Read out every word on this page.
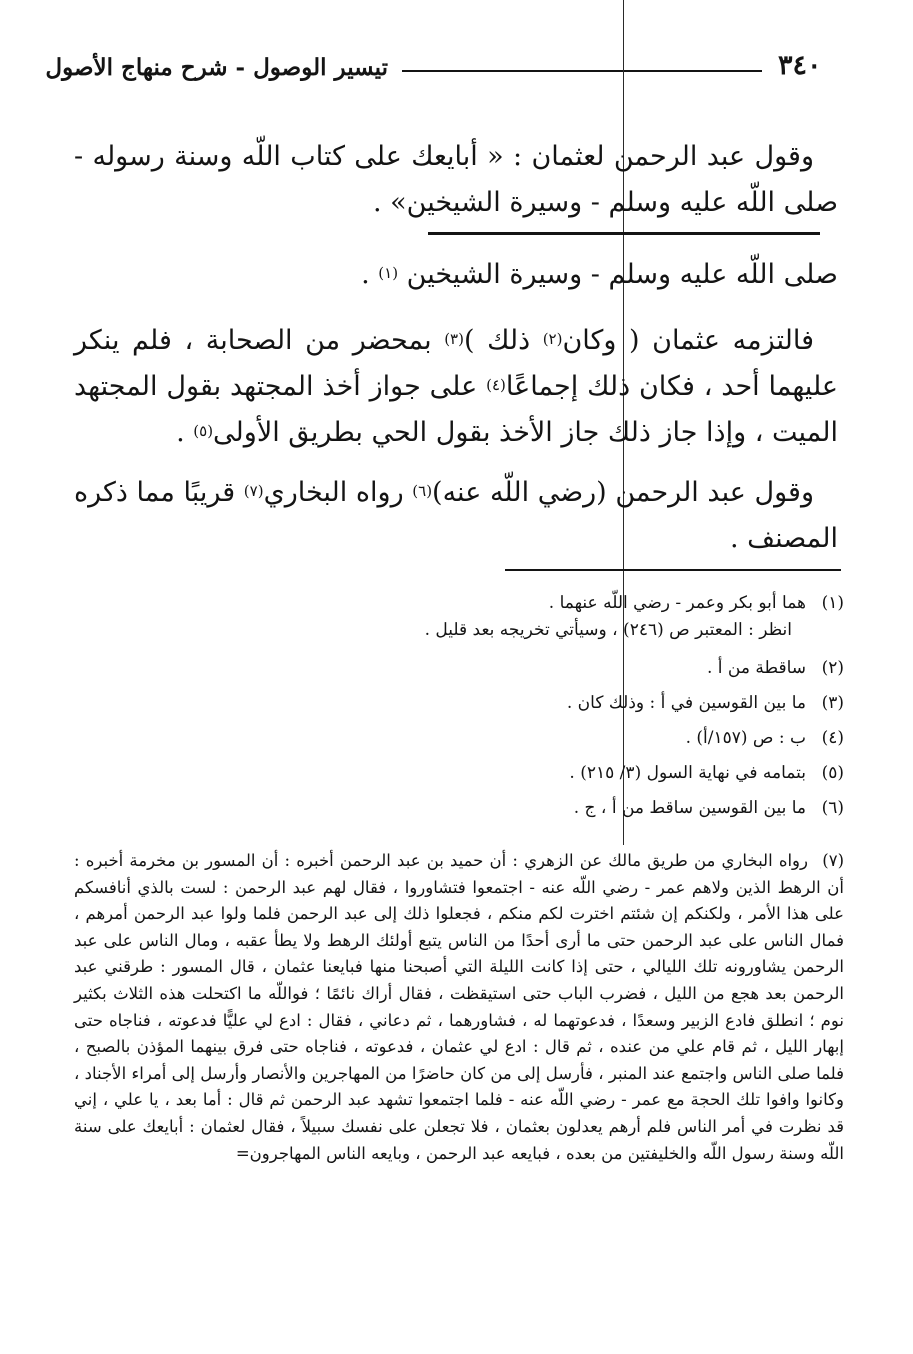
٣٤٠
تيسير الوصول - شرح منهاج الأصول

وقول عبد الرحمن لعثمان : « أبايعك على كتاب اللّه وسنة رسوله - صلى اللّه عليه وسلم - وسيرة الشيخين» .

صلى اللّه عليه وسلم - وسيرة الشيخين $^{(١)}$ .

فالتزمه عثمان ( وكان$^{(٢)}$ ذلك )$^{(٣)}$ بمحضر من الصحابة ، فلم ينكر عليهما أحد ، فكان ذلك إجماعًا$^{(٤)}$ على جواز أخذ المجتهد بقول المجتهد الميت ، وإذا جاز ذلك جاز الأخذ بقول الحي بطريق الأولى$^{(٥)}$ .

وقول عبد الرحمن (رضي اللّه عنه)$^{(٦)}$ رواه البخاري$^{(٧)}$ قريبًا مما ذكره المصنف .

(١)هما أبو بكر وعمر - رضي اللّه عنهما .

انظر : المعتبر ص (٢٤٦) ، وسيأتي تخريجه بعد قليل .

(٢)ساقطة من أ .

(٣)ما بين القوسين في أ : وذلك كان .

(٤)ب : ص (١٥٧/أ) .

(٥)بتمامه في نهاية السول (٣/ ٢١٥) .

(٦)ما بين القوسين ساقط من أ ، ج .

(٧)رواه البخاري من طريق مالك عن الزهري : أن حميد بن عبد الرحمن أخبره : أن المسور بن مخرمة أخبره : أن الرهط الذين ولاهم عمر - رضي اللّه عنه - اجتمعوا فتشاوروا ، فقال لهم عبد الرحمن : لست بالذي أنافسكم على هذا الأمر ، ولكنكم إن شئتم اخترت لكم منكم ، فجعلوا ذلك إلى عبد الرحمن فلما ولوا عبد الرحمن أمرهم ، فمال الناس على عبد الرحمن حتى ما أرى أحدًا من الناس يتبع أولئك الرهط ولا يطأ عقبه ، ومال الناس على عبد الرحمن يشاورونه تلك الليالي ، حتى إذا كانت الليلة التي أصبحنا منها فبايعنا عثمان ، قال المسور : طرقني عبد الرحمن بعد هجع من الليل ، فضرب الباب حتى استيقظت ، فقال أراك نائمًا ؛ فواللّه ما اكتحلت هذه الثلاث بكثير نوم ؛ انطلق فادع الزبير وسعدًا ، فدعوتهما له ، فشاورهما ، ثم دعاني ، فقال : ادع لي عليًّا فدعوته ، فناجاه حتى إبهار الليل ، ثم قام علي من عنده ، ثم قال : ادع لي عثمان ، فدعوته ، فناجاه حتى فرق بينهما المؤذن بالصبح ، فلما صلى الناس واجتمع عند المنبر ، فأرسل إلى من كان حاضرًا من المهاجرين والأنصار وأرسل إلى أمراء الأجناد ، وكانوا وافوا تلك الحجة مع عمر - رضي اللّه عنه - فلما اجتمعوا تشهد عبد الرحمن ثم قال : أما بعد ، يا علي ، إني قد نظرت في أمر الناس فلم أرهم يعدلون بعثمان ، فلا تجعلن على نفسك سبيلاً ، فقال لعثمان : أبايعك على سنة اللّه وسنة رسول اللّه والخليفتين من بعده ، فبايعه عبد الرحمن ، وبايعه الناس المهاجرون=
